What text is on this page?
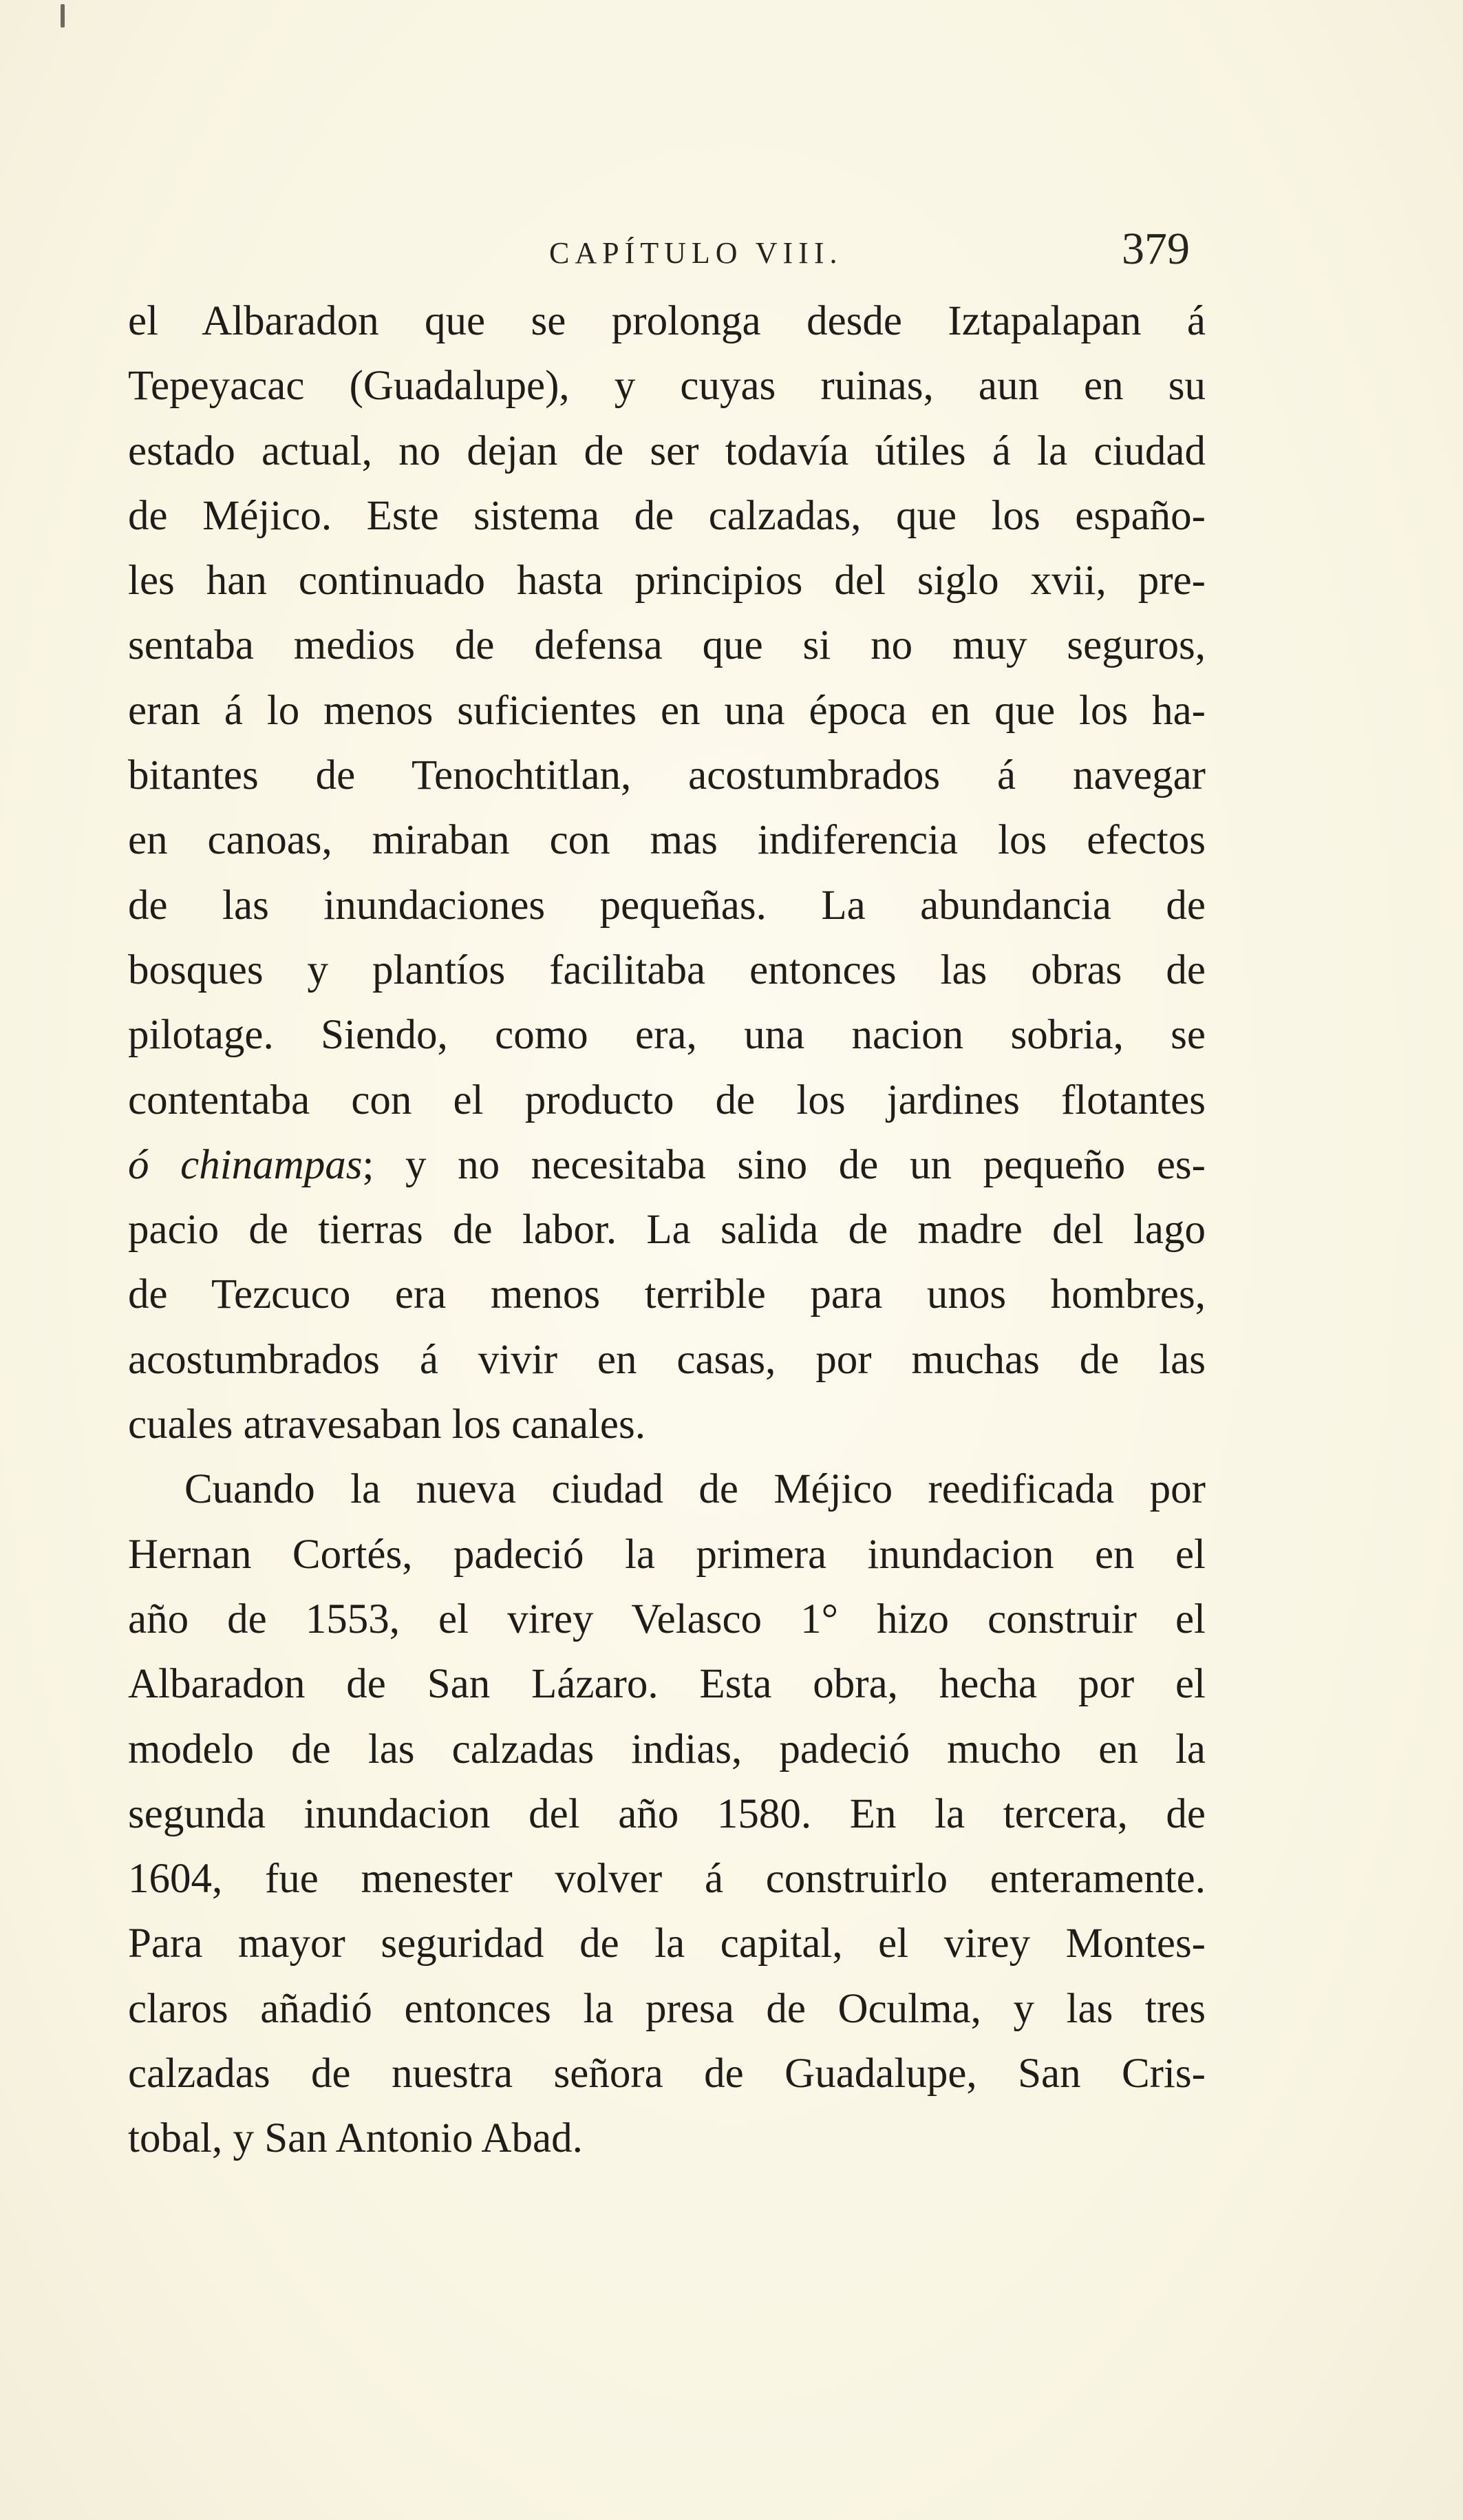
CAPÍTULO VIII.	379
el Albaradon que se prolonga desde Iztapalapan á
Tepeyacac (Guadalupe), y cuyas ruinas, aun en su
estado actual, no dejan de ser todavía útiles á la ciudad
de Méjico. Este sistema de calzadas, que los españo-
les han continuado hasta principios del siglo xvii, pre-
sentaba medios de defensa que si no muy seguros,
eran á lo menos suficientes en una época en que los ha-
bitantes de Tenochtitlan, acostumbrados á navegar
en canoas, miraban con mas indiferencia los efectos
de las inundaciones pequeñas. La abundancia de
bosques y plantíos facilitaba entonces las obras de
pilotage. Siendo, como era, una nacion sobria, se
contentaba con el producto de los jardines flotantes
ó chinampas; y no necesitaba sino de un pequeño es-
pacio de tierras de labor. La salida de madre del lago
de Tezcuco era menos terrible para unos hombres,
acostumbrados á vivir en casas, por muchas de las
cuales atravesaban los canales.
Cuando la nueva ciudad de Méjico reedificada por
Hernan Cortés, padeció la primera inundacion en el
año de 1553, el virey Velasco 1° hizo construir el
Albaradon de San Lázaro. Esta obra, hecha por el
modelo de las calzadas indias, padeció mucho en la
segunda inundacion del año 1580. En la tercera, de
1604, fue menester volver á construirlo enteramente.
Para mayor seguridad de la capital, el virey Montes-
claros añadió entonces la presa de Oculma, y las tres
calzadas de nuestra señora de Guadalupe, San Cris-
tobal, y San Antonio Abad.
